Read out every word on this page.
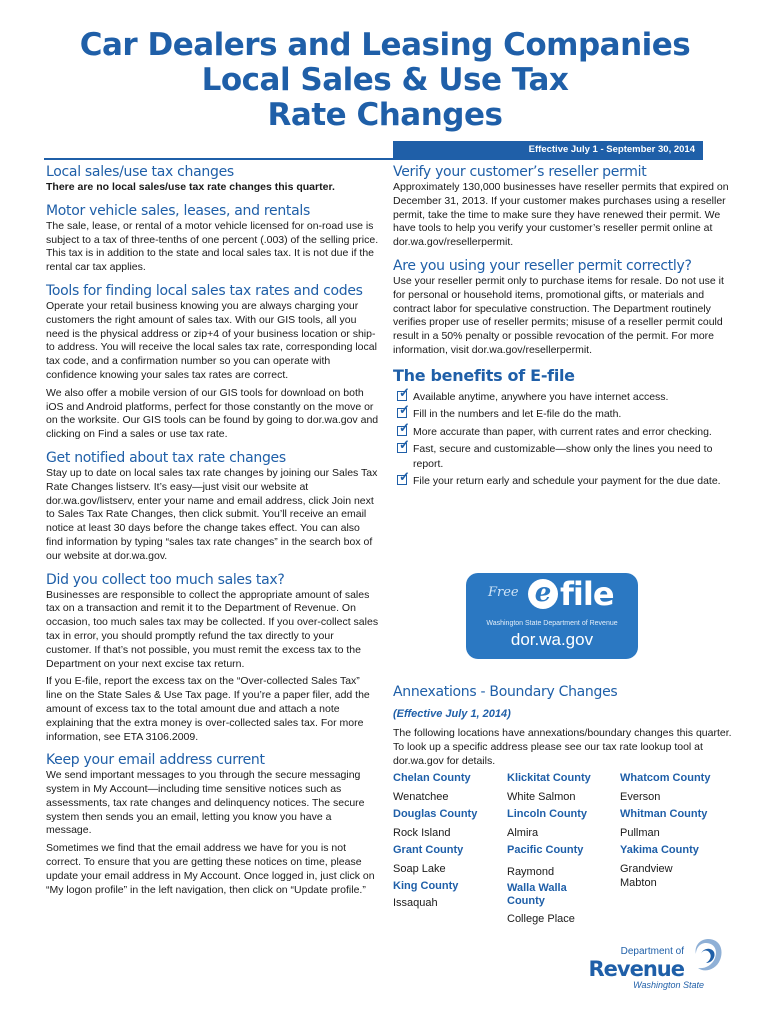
Car Dealers and Leasing Companies
Local Sales & Use Tax
Rate Changes
Effective July 1 - September 30, 2014
Local sales/use tax changes

There are no local sales/use tax rate changes this quarter.

Motor vehicle sales, leases, and rentals

The sale, lease, or rental of a motor vehicle licensed for on-road use is subject to a tax of three-tenths of one percent (.003) of the selling price. This tax is in addition to the state and local sales tax. It is not due if the rental car tax applies.

Tools for finding local sales tax rates and codes

Operate your retail business knowing you are always charging your customers the right amount of sales tax. With our GIS tools, all you need is the physical address or zip+4 of your business location or ship-to address. You will receive the local sales tax rate, corresponding local tax code, and a confirmation number so you can operate with confidence knowing your sales tax rates are correct.

We also offer a mobile version of our GIS tools for download on both iOS and Android platforms, perfect for those constantly on the move or on the worksite. Our GIS tools can be found by going to dor.wa.gov and clicking on Find a sales or use tax rate.

Get notified about tax rate changes

Stay up to date on local sales tax rate changes by joining our Sales Tax Rate Changes listserv. It’s easy—just visit our website at dor.wa.gov/listserv, enter your name and email address, click Join next to Sales Tax Rate Changes, then click submit. You’ll receive an email notice at least 30 days before the change takes effect. You can also find information by typing “sales tax rate changes” in the search box of our website at dor.wa.gov.

Did you collect too much sales tax?

Businesses are responsible to collect the appropriate amount of sales tax on a transaction and remit it to the Department of Revenue. On occasion, too much sales tax may be collected. If you over-collect sales tax in error, you should promptly refund the tax directly to your customer. If that’s not possible, you must remit the excess tax to the Department on your next excise tax return.

If you E-file, report the excess tax on the “Over-collected Sales Tax” line on the State Sales & Use Tax page. If you’re a paper filer, add the amount of excess tax to the total amount due and attach a note explaining that the extra money is over-collected sales tax. For more information, see ETA 3106.2009.

Keep your email address current

We send important messages to you through the secure messaging system in My Account—including time sensitive notices such as assessments, tax rate changes and delinquency notices. The secure system then sends you an email, letting you know you have a message.

Sometimes we find that the email address we have for you is not correct. To ensure that you are getting these notices on time, please update your email address in My Account. Once logged in, just click on “My logon profile” in the left navigation, then click on “Update profile.”

Verify your customer’s reseller permit

Approximately 130,000 businesses have reseller permits that expired on December 31, 2013. If your customer makes purchases using a reseller permit, take the time to make sure they have renewed their permit. We have tools to help you verify your customer’s reseller permit online at dor.wa.gov/resellerpermit.

Are you using your reseller permit correctly?

Use your reseller permit only to purchase items for resale. Do not use it for personal or household items, promotional gifts, or materials and contract labor for speculative construction. The Department routinely verifies proper use of reseller permits; misuse of a reseller permit could result in a 50% penalty or possible revocation of the permit. For more information, visit dor.wa.gov/resellerpermit.

The benefits of E-file
✓
Available anytime, anywhere you have internet access.
✓
Fill in the numbers and let E-file do the math.
✓
More accurate than paper, with current rates and error checking.
✓
Fast, secure and customizable—show only the lines you need to report.
✓
File your return early and schedule your payment for the due date.
Free e file
Washington State Department of Revenue
dor.wa.gov
Annexations - Boundary Changes
(Effective July 1, 2014)

The following locations have annexations/boundary changes this quarter. To look up a specific address please see our tax rate lookup tool at dor.wa.gov for details.

Chelan County
Wenatchee
Douglas County
Rock Island
Grant County
Soap Lake
King County
Issaquah
Klickitat County
White Salmon
Lincoln County
Almira
Pacific County
Raymond
Walla Walla County
College Place
Whatcom County
Everson
Whitman County
Pullman
Yakima County
Grandview
Mabton
Department of
Revenue
Washington State
